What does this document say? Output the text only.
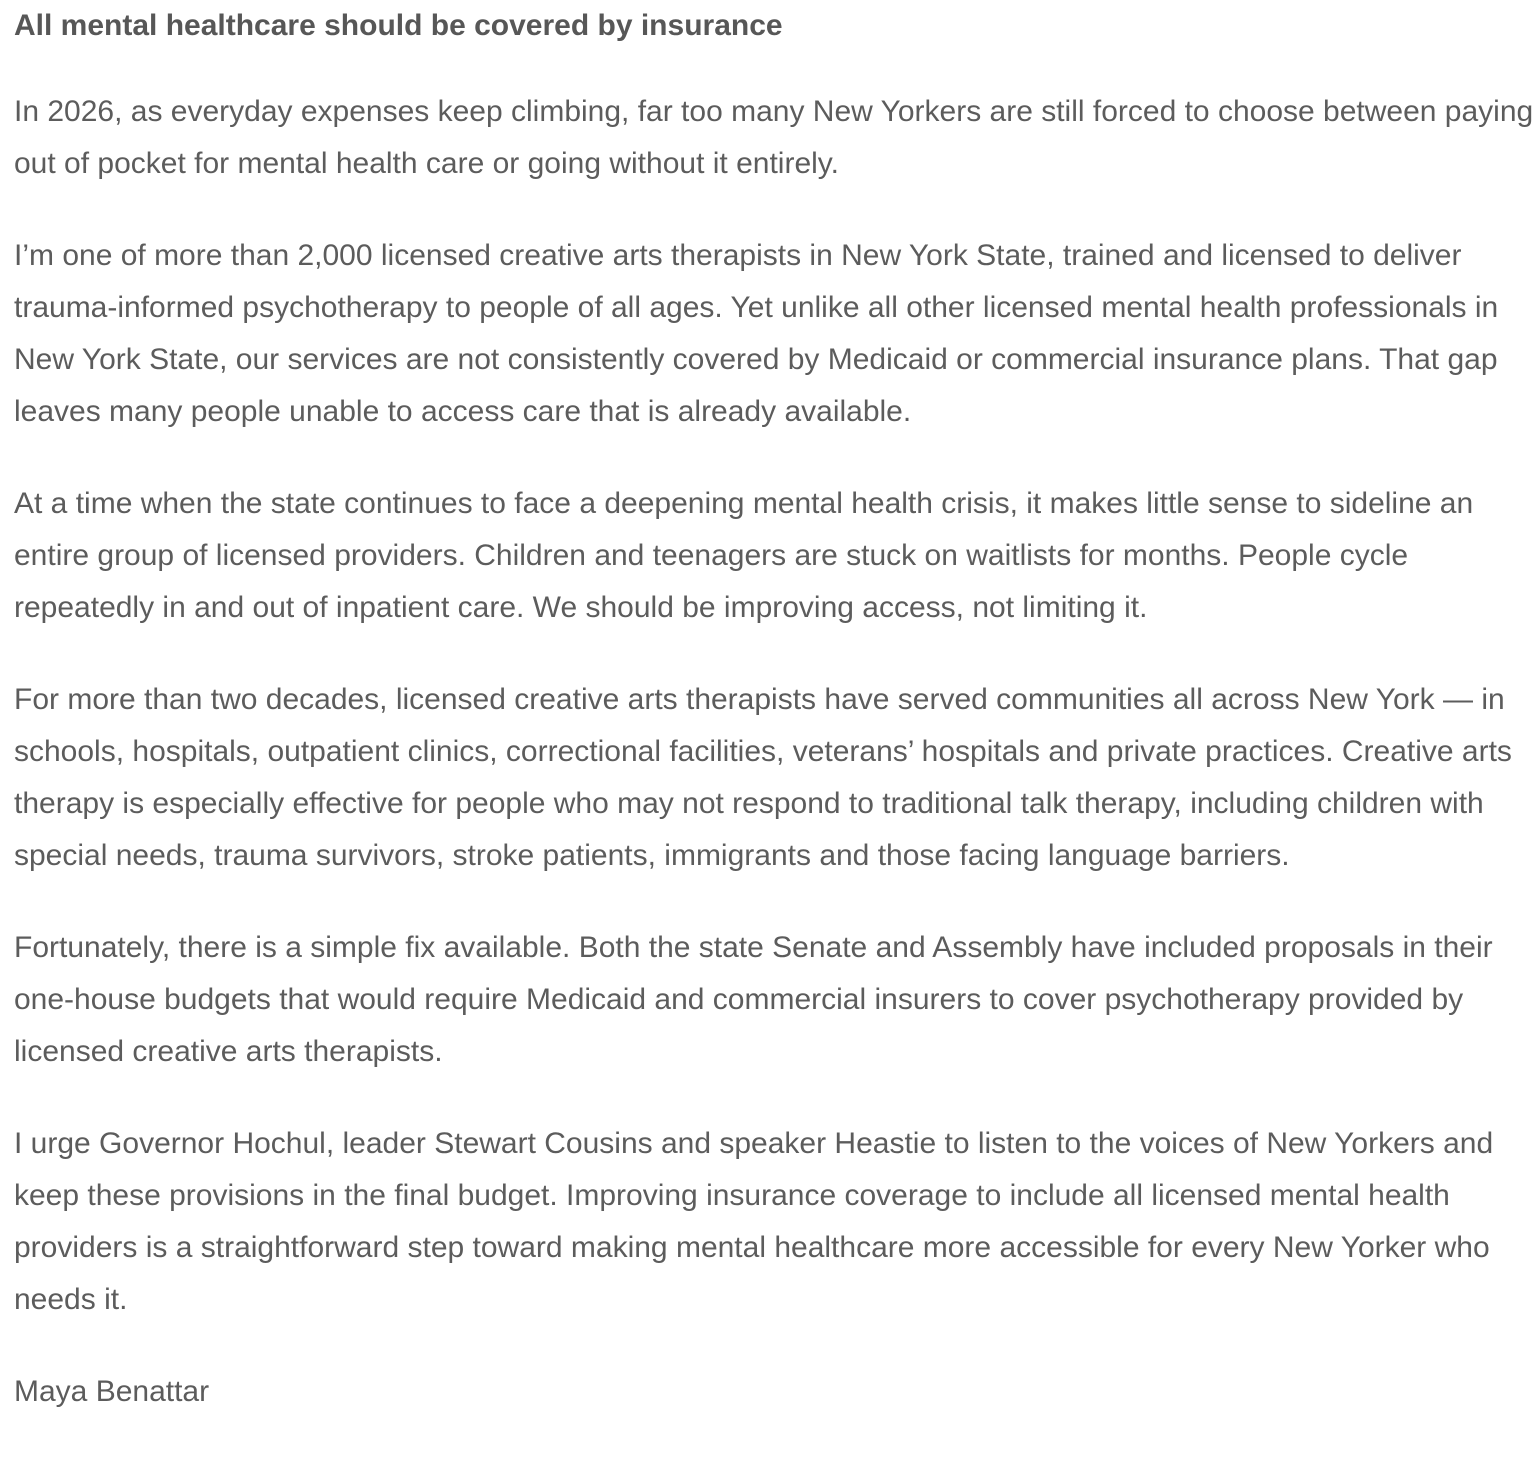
All mental healthcare should be covered by insurance

In 2026, as everyday expenses keep climbing, far too many New Yorkers are still forced to choose between paying out of pocket for mental health care or going without it entirely.

I’m one of more than 2,000 licensed creative arts therapists in New York State, trained and licensed to deliver trauma-informed psychotherapy to people of all ages. Yet unlike all other licensed mental health professionals in New York State, our services are not consistently covered by Medicaid or commercial insurance plans. That gap leaves many people unable to access care that is already available.

At a time when the state continues to face a deepening mental health crisis, it makes little sense to sideline an entire group of licensed providers. Children and teenagers are stuck on waitlists for months. People cycle repeatedly in and out of inpatient care. We should be improving access, not limiting it.

For more than two decades, licensed creative arts therapists have served communities all across New York — in schools, hospitals, outpatient clinics, correctional facilities, veterans’ hospitals and private practices. Creative arts therapy is especially effective for people who may not respond to traditional talk therapy, including children with special needs, trauma survivors, stroke patients, immigrants and those facing language barriers.

Fortunately, there is a simple fix available. Both the state Senate and Assembly have included proposals in their one-house budgets that would require Medicaid and commercial insurers to cover psychotherapy provided by licensed creative arts therapists.

I urge Governor Hochul, leader Stewart Cousins and speaker Heastie to listen to the voices of New Yorkers and keep these provisions in the final budget. Improving insurance coverage to include all licensed mental health providers is a straightforward step toward making mental healthcare more accessible for every New Yorker who needs it.

Maya Benattar
